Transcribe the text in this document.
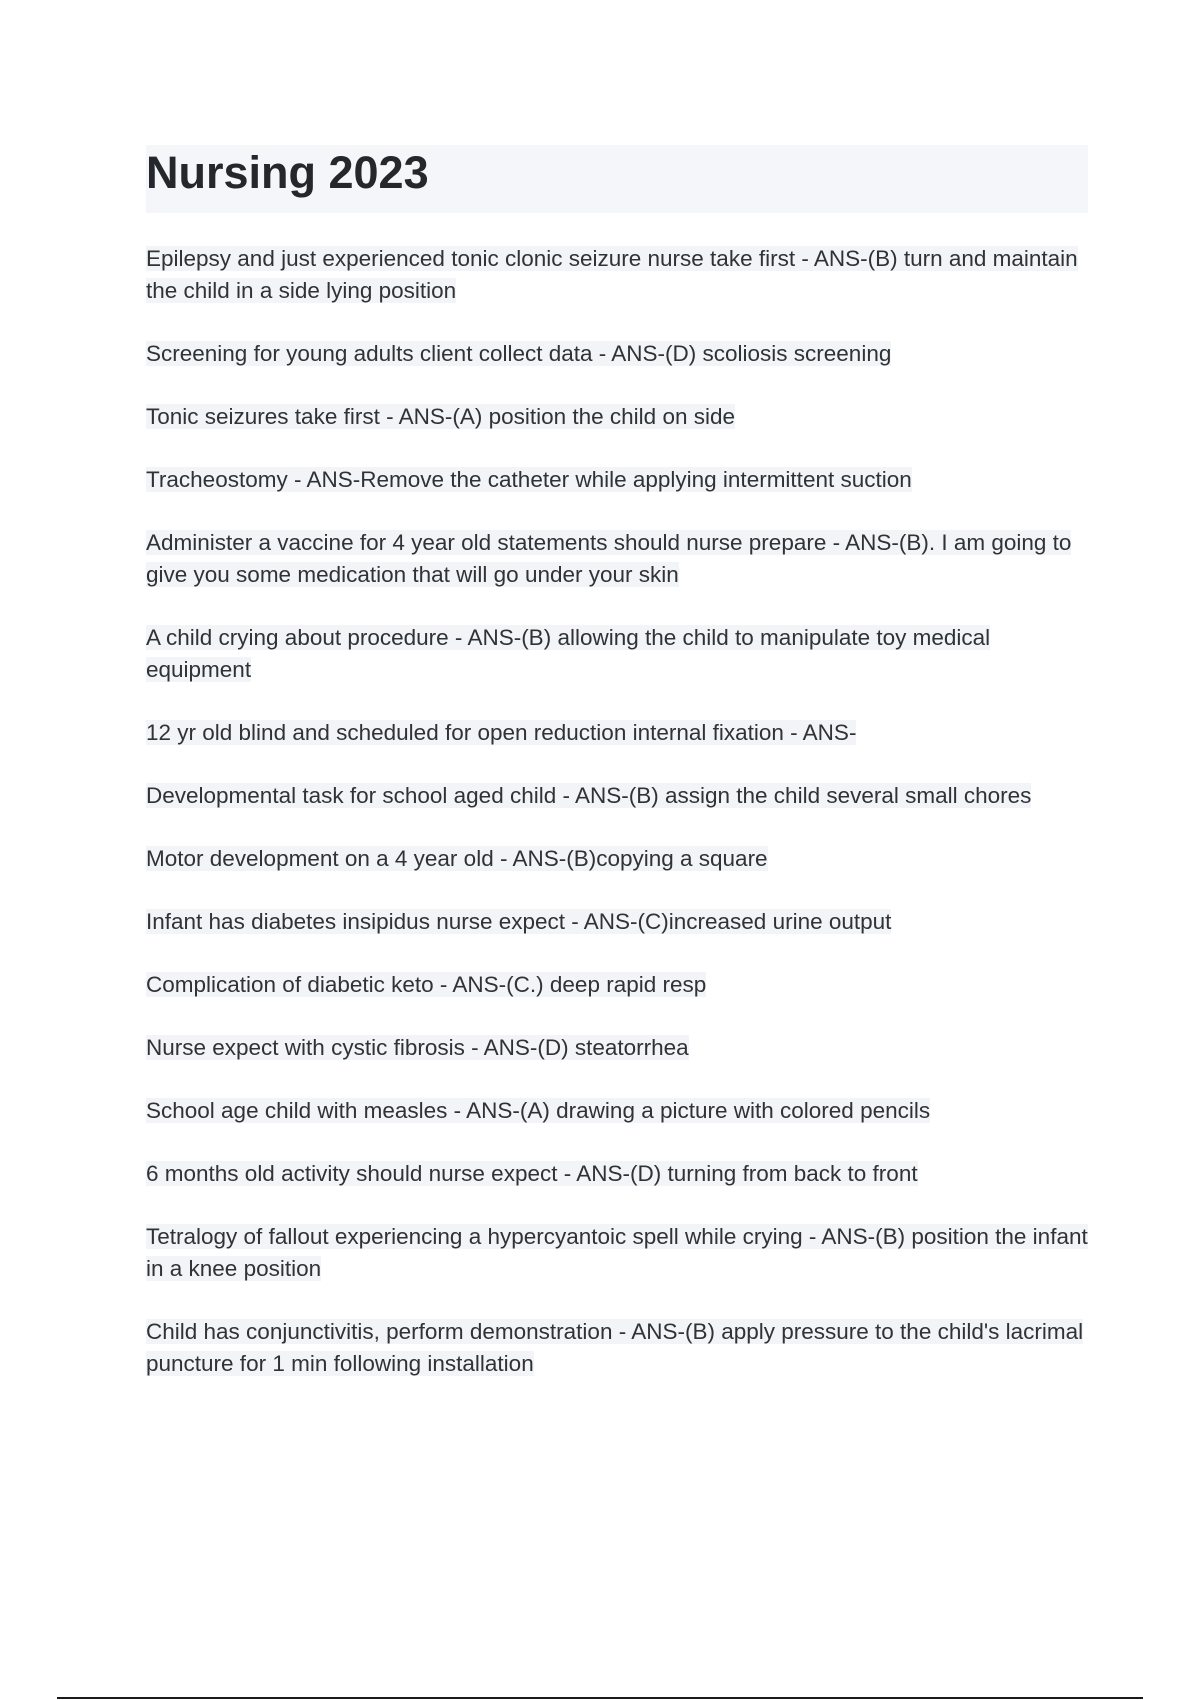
Nursing 2023

Epilepsy and just experienced tonic clonic seizure nurse take first - ANS-(B) turn and maintain the child in a side lying position

Screening for young adults client collect data - ANS-(D) scoliosis screening

Tonic seizures take first - ANS-(A) position the child on side

Tracheostomy - ANS-Remove the catheter while applying intermittent suction

Administer a vaccine for 4 year old statements should nurse prepare - ANS-(B). I am going to give you some medication that will go under your skin

A child crying about procedure - ANS-(B) allowing the child to manipulate toy medical equipment

12 yr old blind and scheduled for open reduction internal fixation - ANS-

Developmental task for school aged child - ANS-(B) assign the child several small chores

Motor development on a 4 year old - ANS-(B)copying a square

Infant has diabetes insipidus nurse expect - ANS-(C)increased urine output

Complication of diabetic keto - ANS-(C.) deep rapid resp

Nurse expect with cystic fibrosis - ANS-(D) steatorrhea

School age child with measles - ANS-(A) drawing a picture with colored pencils

6 months old activity should nurse expect - ANS-(D) turning from back to front

Tetralogy of fallout experiencing a hypercyantoic spell while crying - ANS-(B) position the infant in a knee position

Child has conjunctivitis, perform demonstration - ANS-(B) apply pressure to the child's lacrimal puncture for 1 min following installation
